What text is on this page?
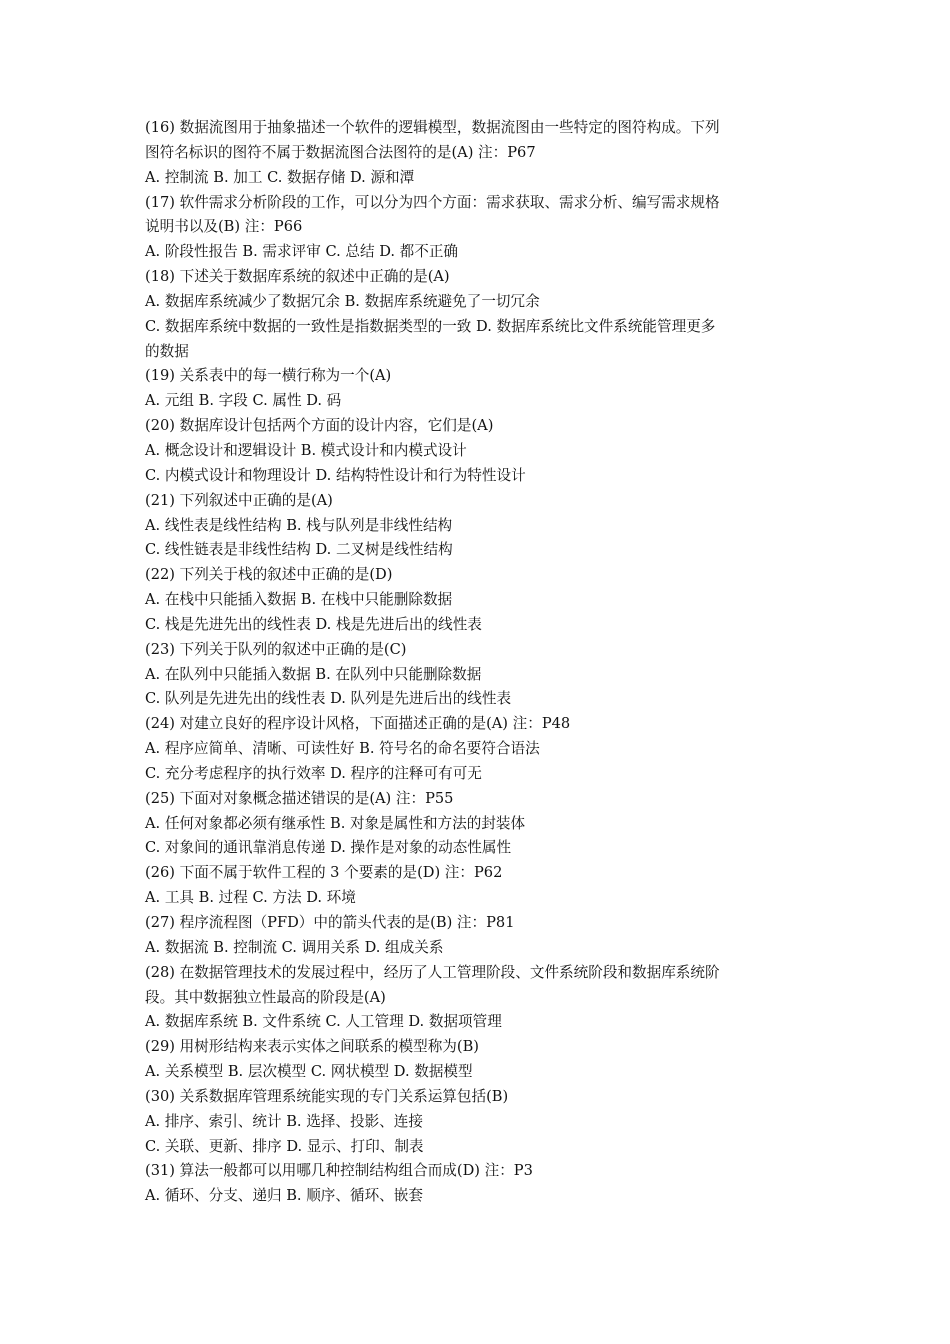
(16) 数据流图用于抽象描述一个软件的逻辑模型，数据流图由一些特定的图符构成。下列
图符名标识的图符不属于数据流图合法图符的是(A) 注：P67
A. 控制流 B. 加工 C. 数据存储 D. 源和潭
(17) 软件需求分析阶段的工作，可以分为四个方面：需求获取、需求分析、编写需求规格
说明书以及(B) 注：P66
A. 阶段性报告 B. 需求评审 C. 总结 D. 都不正确
(18) 下述关于数据库系统的叙述中正确的是(A)
A. 数据库系统减少了数据冗余 B. 数据库系统避免了一切冗余
C. 数据库系统中数据的一致性是指数据类型的一致 D. 数据库系统比文件系统能管理更多
的数据
(19) 关系表中的每一横行称为一个(A)
A. 元组 B. 字段 C. 属性 D. 码
(20) 数据库设计包括两个方面的设计内容，它们是(A)
A. 概念设计和逻辑设计 B. 模式设计和内模式设计
C. 内模式设计和物理设计 D. 结构特性设计和行为特性设计
(21) 下列叙述中正确的是(A)
A. 线性表是线性结构 B. 栈与队列是非线性结构
C. 线性链表是非线性结构 D. 二叉树是线性结构
(22) 下列关于栈的叙述中正确的是(D)
A. 在栈中只能插入数据 B. 在栈中只能删除数据
C. 栈是先进先出的线性表 D. 栈是先进后出的线性表
(23) 下列关于队列的叙述中正确的是(C)
A. 在队列中只能插入数据 B. 在队列中只能删除数据
C. 队列是先进先出的线性表 D. 队列是先进后出的线性表
(24) 对建立良好的程序设计风格，下面描述正确的是(A) 注：P48
A. 程序应简单、清晰、可读性好 B. 符号名的命名要符合语法
C. 充分考虑程序的执行效率 D. 程序的注释可有可无
(25) 下面对对象概念描述错误的是(A) 注：P55
A. 任何对象都必须有继承性 B. 对象是属性和方法的封装体
C. 对象间的通讯靠消息传递 D. 操作是对象的动态性属性
(26) 下面不属于软件工程的 3 个要素的是(D) 注：P62
A. 工具 B. 过程 C. 方法 D. 环境
(27) 程序流程图（PFD）中的箭头代表的是(B) 注：P81
A. 数据流 B. 控制流 C. 调用关系 D. 组成关系
(28) 在数据管理技术的发展过程中，经历了人工管理阶段、文件系统阶段和数据库系统阶
段。其中数据独立性最高的阶段是(A)
A. 数据库系统 B. 文件系统 C. 人工管理 D. 数据项管理
(29) 用树形结构来表示实体之间联系的模型称为(B)
A. 关系模型 B. 层次模型 C. 网状模型 D. 数据模型
(30) 关系数据库管理系统能实现的专门关系运算包括(B)
A. 排序、索引、统计 B. 选择、投影、连接
C. 关联、更新、排序 D. 显示、打印、制表
(31) 算法一般都可以用哪几种控制结构组合而成(D) 注：P3
A. 循环、分支、递归 B. 顺序、循环、嵌套
